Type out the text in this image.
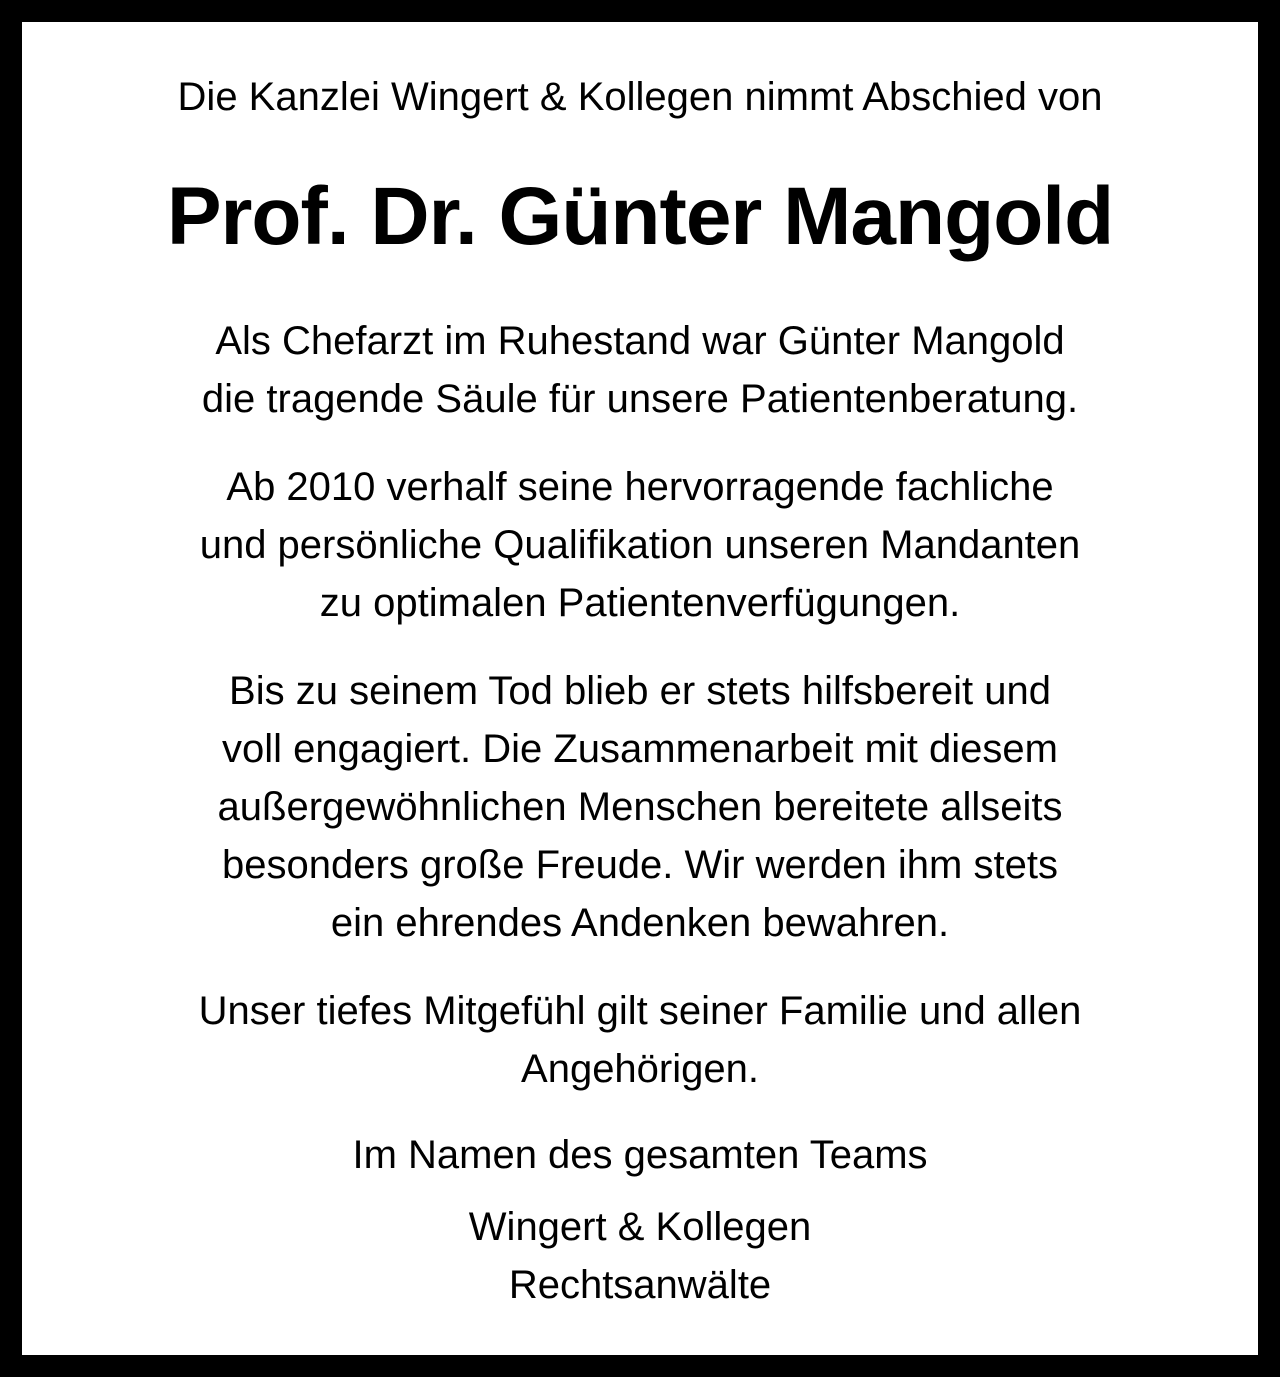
Die Kanzlei Wingert & Kollegen nimmt Abschied von
Prof. Dr. Günter Mangold
Als Chefarzt im Ruhestand war Günter Mangold
die tragende Säule für unsere Patientenberatung.
Ab 2010 verhalf seine hervorragende fachliche
und persönliche Qualifikation unseren Mandanten
zu optimalen Patientenverfügungen.
Bis zu seinem Tod blieb er stets hilfsbereit und
voll engagiert. Die Zusammenarbeit mit diesem
außergewöhnlichen Menschen bereitete allseits
besonders große Freude. Wir werden ihm stets
ein ehrendes Andenken bewahren.
Unser tiefes Mitgefühl gilt seiner Familie und allen
Angehörigen.
Im Namen des gesamten Teams
Wingert & Kollegen
Rechtsanwälte
